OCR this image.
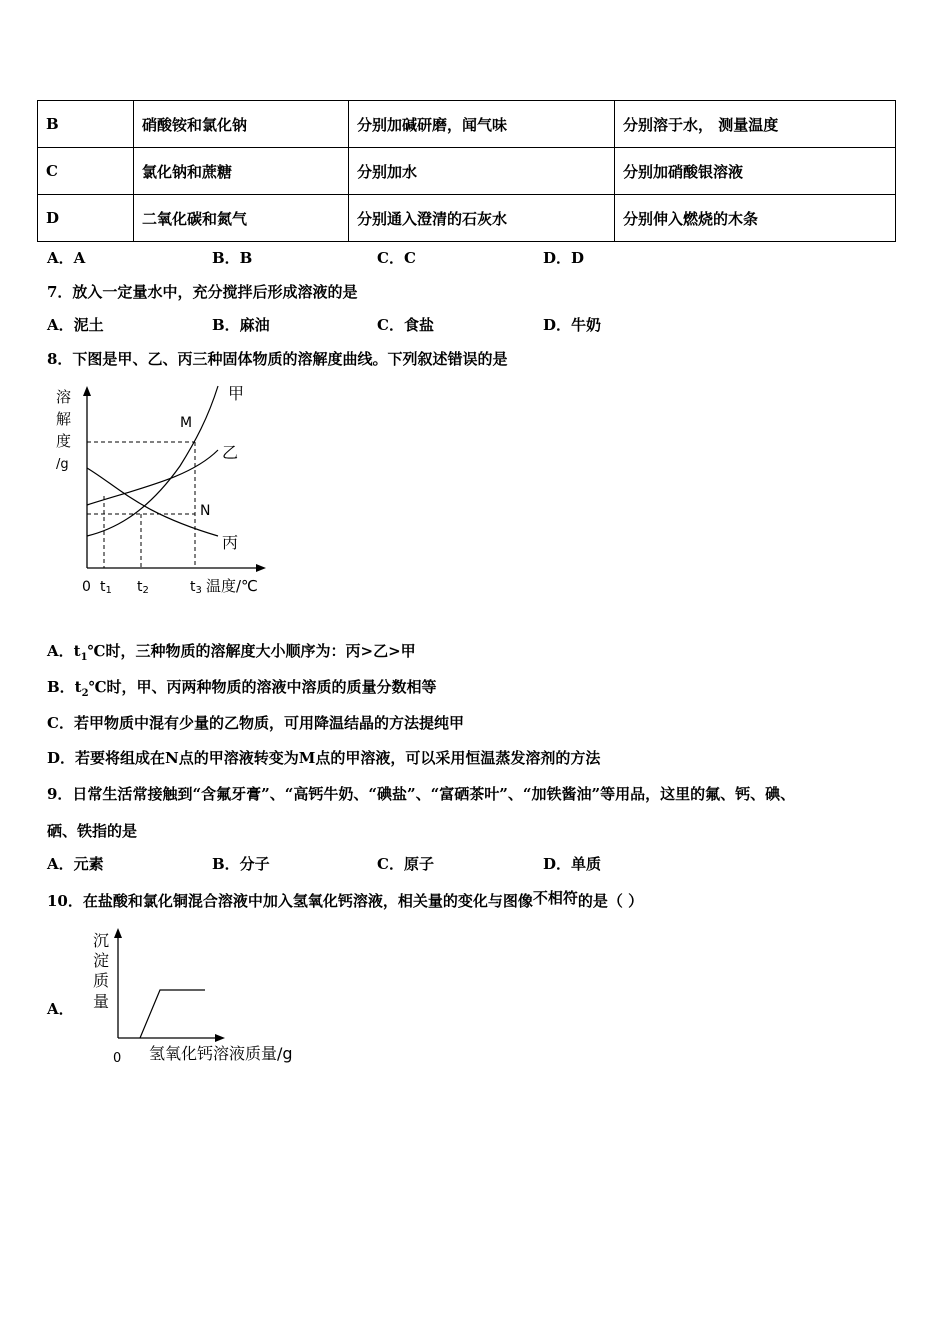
B	硝酸铵和氯化钠	分别加碱研磨，闻气味	分别溶于水， 测量温度
C	氯化钠和蔗糖	分别加水	分别加硝酸银溶液
D	二氧化碳和氮气	分别通入澄清的石灰水	分别伸入燃烧的木条
A．A	B．B	C．C	D．D
7．放入一定量水中，充分搅拌后形成溶液的是
A．泥土	B．麻油	C．食盐	D．牛奶
8．下图是甲、乙、丙三种固体物质的溶解度曲线。下列叙述错误的是
溶
解
度
/g
甲
乙
丙
M
N
0 t1 t2	t3 温度/℃
A．$t_1℃$时，三种物质的溶解度大小顺序为：丙>乙>甲
B．$t_2℃$时，甲、丙两种物质的溶液中溶质的质量分数相等
C．若甲物质中混有少量的乙物质，可用降温结晶的方法提纯甲
D．若要将组成在N点的甲溶液转变为M点的甲溶液，可以采用恒温蒸发溶剂的方法
9．日常生活常接触到“含氟牙膏”、“高钙牛奶、“碘盐”、“富硒茶叶”、“加铁酱油”等用品，这里的氟、钙、碘、
硒、铁指的是
A．元素	B．分子	C．原子	D．单质
10．在盐酸和氯化铜混合溶液中加入氢氧化钙溶液，相关量的变化与图像$^{不相符}$的是（ ）
A．
沉
淀
质
量
0 氢氧化钙溶液质量/g
